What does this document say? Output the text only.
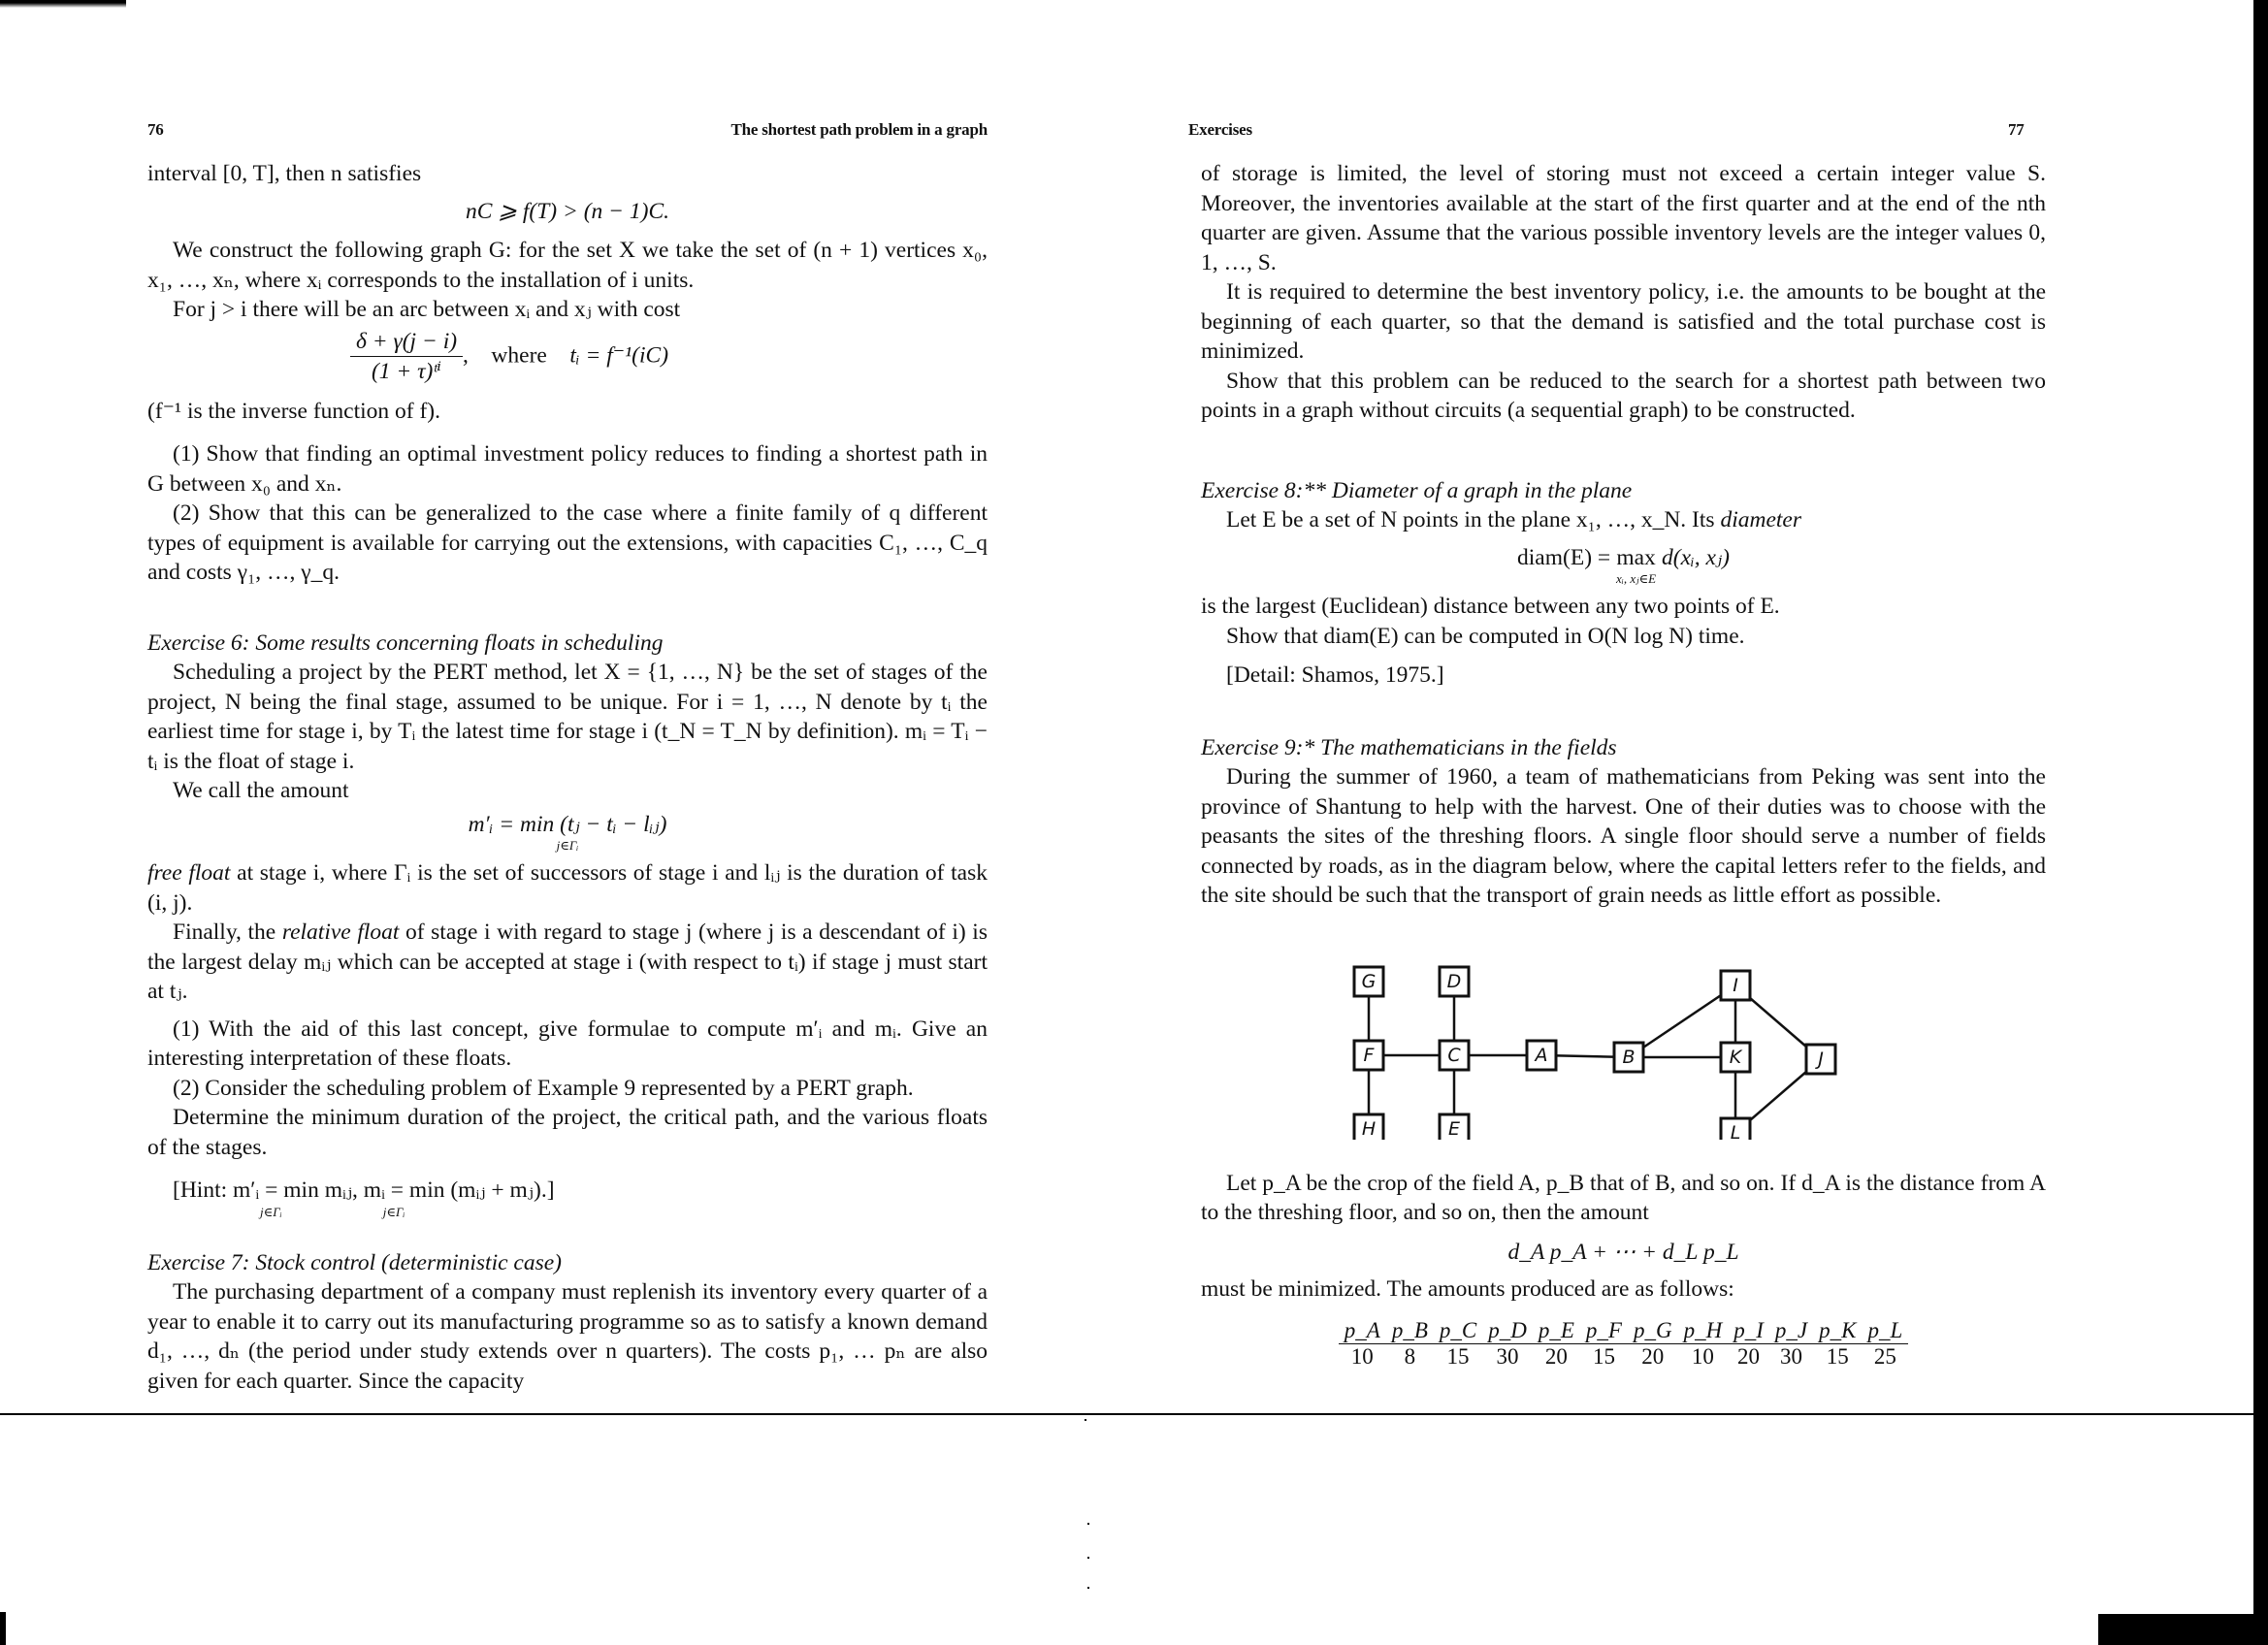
76	The shortest path problem in a graph

interval [0, T], then n satisfies

nC ⩾ f(T) > (n − 1)C.

We construct the following graph G: for the set X we take the set of (n + 1) vertices x₀, x₁, …, xₙ, where xᵢ corresponds to the installation of i units.

For j > i there will be an arc between xᵢ and xⱼ with cost

$\frac{\delta + \gamma(j - i)}{\text{(1 + τ)ᵗⁱ}}$ ,    where tᵢ = f⁻¹(iC)

(f⁻¹ is the inverse function of f).

(1) Show that finding an optimal investment policy reduces to finding a shortest path in G between x₀ and xₙ.

(2) Show that this can be generalized to the case where a finite family of q different types of equipment is available for carrying out the extensions, with capacities C₁, …, C_q and costs γ₁, …, γ_q.

Exercise 6: Some results concerning floats in scheduling

Scheduling a project by the PERT method, let X = {1, …, N} be the set of stages of the project, N being the final stage, assumed to be unique. For i = 1, …, N denote by tᵢ the earliest time for stage i, by Tᵢ the latest time for stage i (t_N = T_N by definition). mᵢ = Tᵢ − tᵢ is the float of stage i.

We call the amount

m′ᵢ = min (tⱼ − tᵢ − lᵢⱼ)
j∈Γᵢ

free float at stage i, where Γᵢ is the set of successors of stage i and lᵢⱼ is the duration of task (i, j).

Finally, the relative float of stage i with regard to stage j (where j is a descendant of i) is the largest delay mᵢⱼ which can be accepted at stage i (with respect to tᵢ) if stage j must start at tⱼ.

(1) With the aid of this last concept, give formulae to compute m′ᵢ and mᵢ. Give an interesting interpretation of these floats.

(2) Consider the scheduling problem of Example 9 represented by a PERT graph.

Determine the minimum duration of the project, the critical path, and the various floats of the stages.

[Hint: m′ᵢ = min mᵢⱼ,
j∈Γᵢ
mᵢ = min (mᵢⱼ + mⱼ).]
j∈Γᵢ
Exercise 7: Stock control (deterministic case)

The purchasing department of a company must replenish its inventory every quarter of a year to enable it to carry out its manufacturing programme so as to satisfy a known demand d₁, …, dₙ (the period under study extends over n quarters). The costs p₁, … pₙ are also given for each quarter. Since the capacity

Exercises	77

of storage is limited, the level of storing must not exceed a certain integer value S. Moreover, the inventories available at the start of the first quarter and at the end of the nth quarter are given. Assume that the various possible inventory levels are the integer values 0, 1, …, S.

It is required to determine the best inventory policy, i.e. the amounts to be bought at the beginning of each quarter, so that the demand is satisfied and the total purchase cost is minimized.

Show that this problem can be reduced to the search for a shortest path between two points in a graph without circuits (a sequential graph) to be constructed.

Exercise 8:** Diameter of a graph in the plane

Let E be a set of N points in the plane x₁, …, x_N. Its diameter

diam(E) = max
xᵢ, xⱼ∈E
d(xᵢ, xⱼ)

is the largest (Euclidean) distance between any two points of E.

Show that diam(E) can be computed in O(N log N) time.

[Detail: Shamos, 1975.]

Exercise 9:* The mathematicians in the fields

During the summer of 1960, a team of mathematicians from Peking was sent into the province of Shantung to help with the harvest. One of their duties was to choose with the peasants the sites of the threshing floors. A single floor should serve a number of fields connected by roads, as in the diagram below, where the capital letters refer to the fields, and the site should be such that the transport of grain needs as little effort as possible.

G	D	I
F	C	A	B	K	J
H	E	L

Let p_A be the crop of the field A, p_B that of B, and so on. If d_A is the distance from A to the threshing floor, and so on, then the amount

d_A p_A + ⋯ + d_L p_L

must be minimized. The amounts produced are as follows:

p_A	p_B	p_C	p_D	p_E	p_F	p_G	p_H	p_I	p_J	p_K	p_L
10	8	15	30	20	15	20	10	20	30	15	25
